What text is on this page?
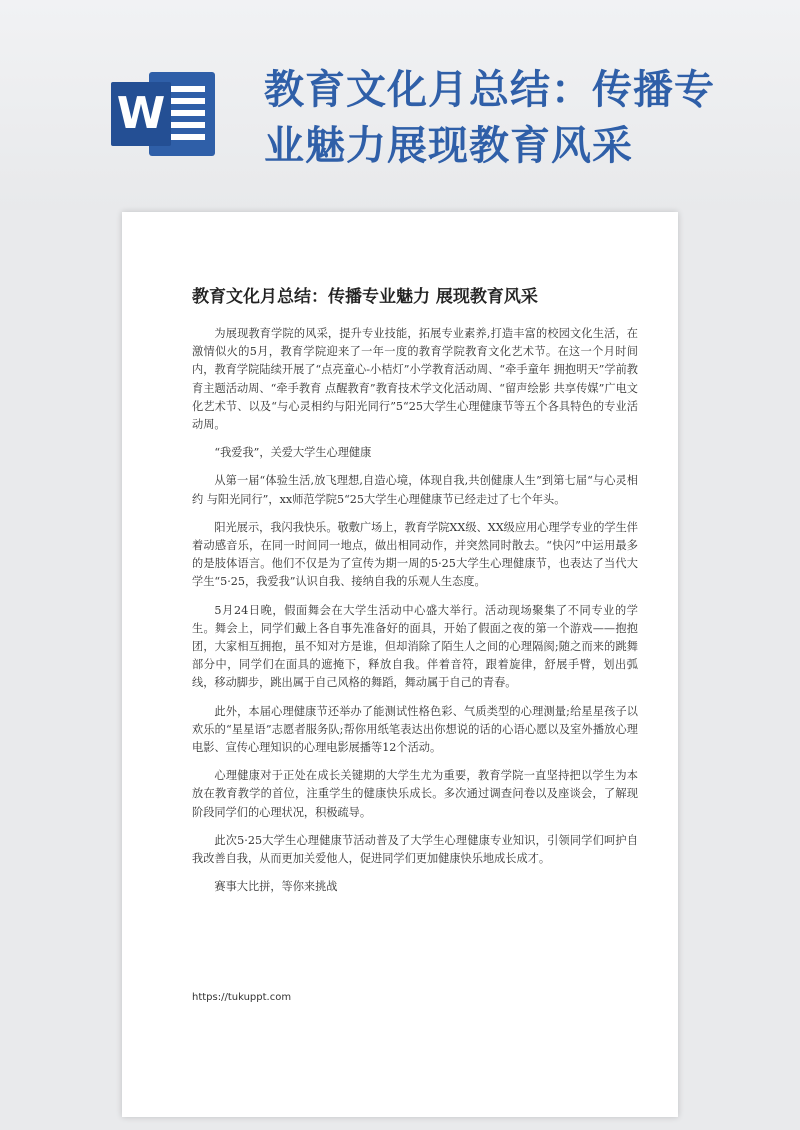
W 教育文化月总结：传播专业魅力展现教育风采
教育文化月总结：传播专业魅力 展现教育风采

为展现教育学院的风采，提升专业技能，拓展专业素养,打造丰富的校园文化生活，在激情似火的5月，教育学院迎来了一年一度的教育学院教育文化艺术节。在这一个月时间内，教育学院陆续开展了“点亮童心-小桔灯”小学教育活动周、“牵手童年 拥抱明天”学前教育主题活动周、“牵手教育 点醒教育”教育技术学文化活动周、“留声绘影 共享传媒”广电文化艺术节、以及“与心灵相约与阳光同行”5“25大学生心理健康节等五个各具特色的专业活动周。

“我爱我”，关爱大学生心理健康

从第一届“体验生活,放飞理想,自造心境，体现自我,共创健康人生”到第七届“与心灵相约 与阳光同行”，xx师范学院5“25大学生心理健康节已经走过了七个年头。

阳光展示，我闪我快乐。敬敷广场上，教育学院XX级、XX级应用心理学专业的学生伴着动感音乐，在同一时间同一地点，做出相同动作，并突然同时散去。“快闪”中运用最多的是肢体语言。他们不仅是为了宣传为期一周的5·25大学生心理健康节，也表达了当代大学生“5·25，我爱我”认识自我、接纳自我的乐观人生态度。

5月24日晚，假面舞会在大学生活动中心盛大举行。活动现场聚集了不同专业的学生。舞会上，同学们戴上各自事先准备好的面具，开始了假面之夜的第一个游戏——抱抱团，大家相互拥抱，虽不知对方是谁，但却消除了陌生人之间的心理隔阂;随之而来的跳舞部分中，同学们在面具的遮掩下，释放自我。伴着音符，跟着旋律，舒展手臂，划出弧线，移动脚步，跳出属于自己风格的舞蹈，舞动属于自己的青春。

此外，本届心理健康节还举办了能测试性格色彩、气质类型的心理测量;给星星孩子以欢乐的“星星语”志愿者服务队;帮你用纸笔表达出你想说的话的心语心愿以及室外播放心理电影、宣传心理知识的心理电影展播等12个活动。

心理健康对于正处在成长关键期的大学生尤为重要，教育学院一直坚持把以学生为本放在教育教学的首位，注重学生的健康快乐成长。多次通过调查问卷以及座谈会，了解现阶段同学们的心理状况，积极疏导。

此次5·25大学生心理健康节活动普及了大学生心理健康专业知识，引领同学们呵护自我改善自我，从而更加关爱他人，促进同学们更加健康快乐地成长成才。

赛事大比拼，等你来挑战

https://tukuppt.com
